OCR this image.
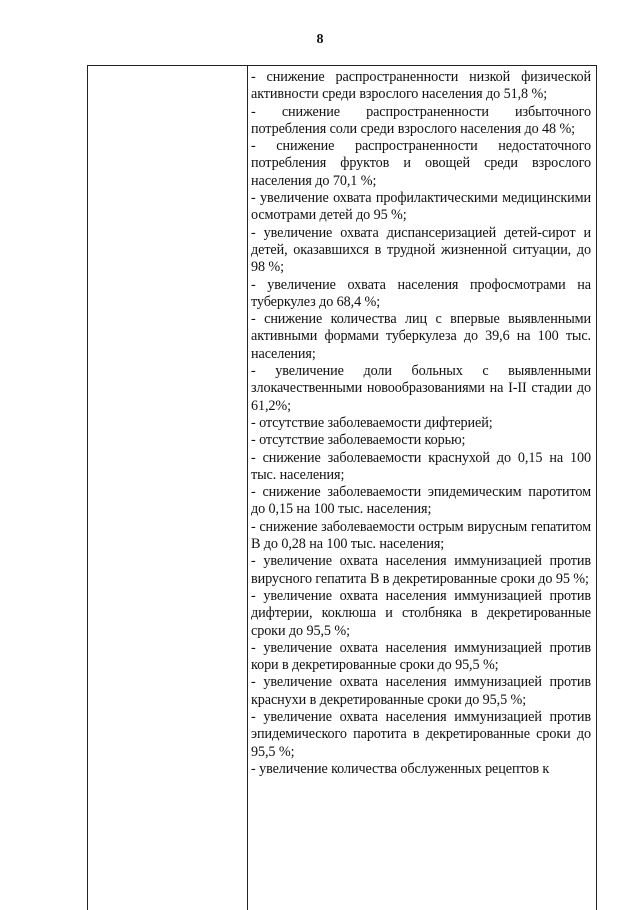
8

- снижение распространенности низкой физической активности среди взрослого населения до 51,8 %;

- снижение распространенности избыточного потребления соли среди взрослого населения до 48 %;

- снижение распространенности недостаточного потребления фруктов и овощей среди взрослого населения до 70,1 %;

- увеличение охвата профилактическими медицинскими осмотрами детей до 95 %;

- увеличение охвата диспансеризацией детей-сирот и детей, оказавшихся в трудной жизненной ситуации, до 98 %;

- увеличение охвата населения профосмотрами на туберкулез до 68,4 %;

- снижение количества лиц с впервые выявленными активными формами туберкулеза до 39,6 на 100 тыс. населения;

- увеличение доли больных с выявленными злокачественными новообразованиями на I-II стадии до 61,2%;

- отсутствие заболеваемости дифтерией;

- отсутствие заболеваемости корью;

- снижение заболеваемости краснухой до 0,15 на 100 тыс. населения;

- снижение заболеваемости эпидемическим паротитом до 0,15 на 100 тыс. населения;

- снижение заболеваемости острым вирусным гепатитом В до 0,28 на 100 тыс. населения;

- увеличение охвата населения иммунизацией против вирусного гепатита В в декретированные сроки до 95 %;

- увеличение охвата населения иммунизацией против дифтерии, коклюша и столбняка в декретированные сроки до 95,5 %;

- увеличение охвата населения иммунизацией против кори в декретированные сроки до 95,5 %;

- увеличение охвата населения иммунизацией против краснухи в декретированные сроки до 95,5 %;

- увеличение охвата населения иммунизацией против эпидемического паротита в декретированные сроки до 95,5 %;

- увеличение количества обслуженных рецептов к
